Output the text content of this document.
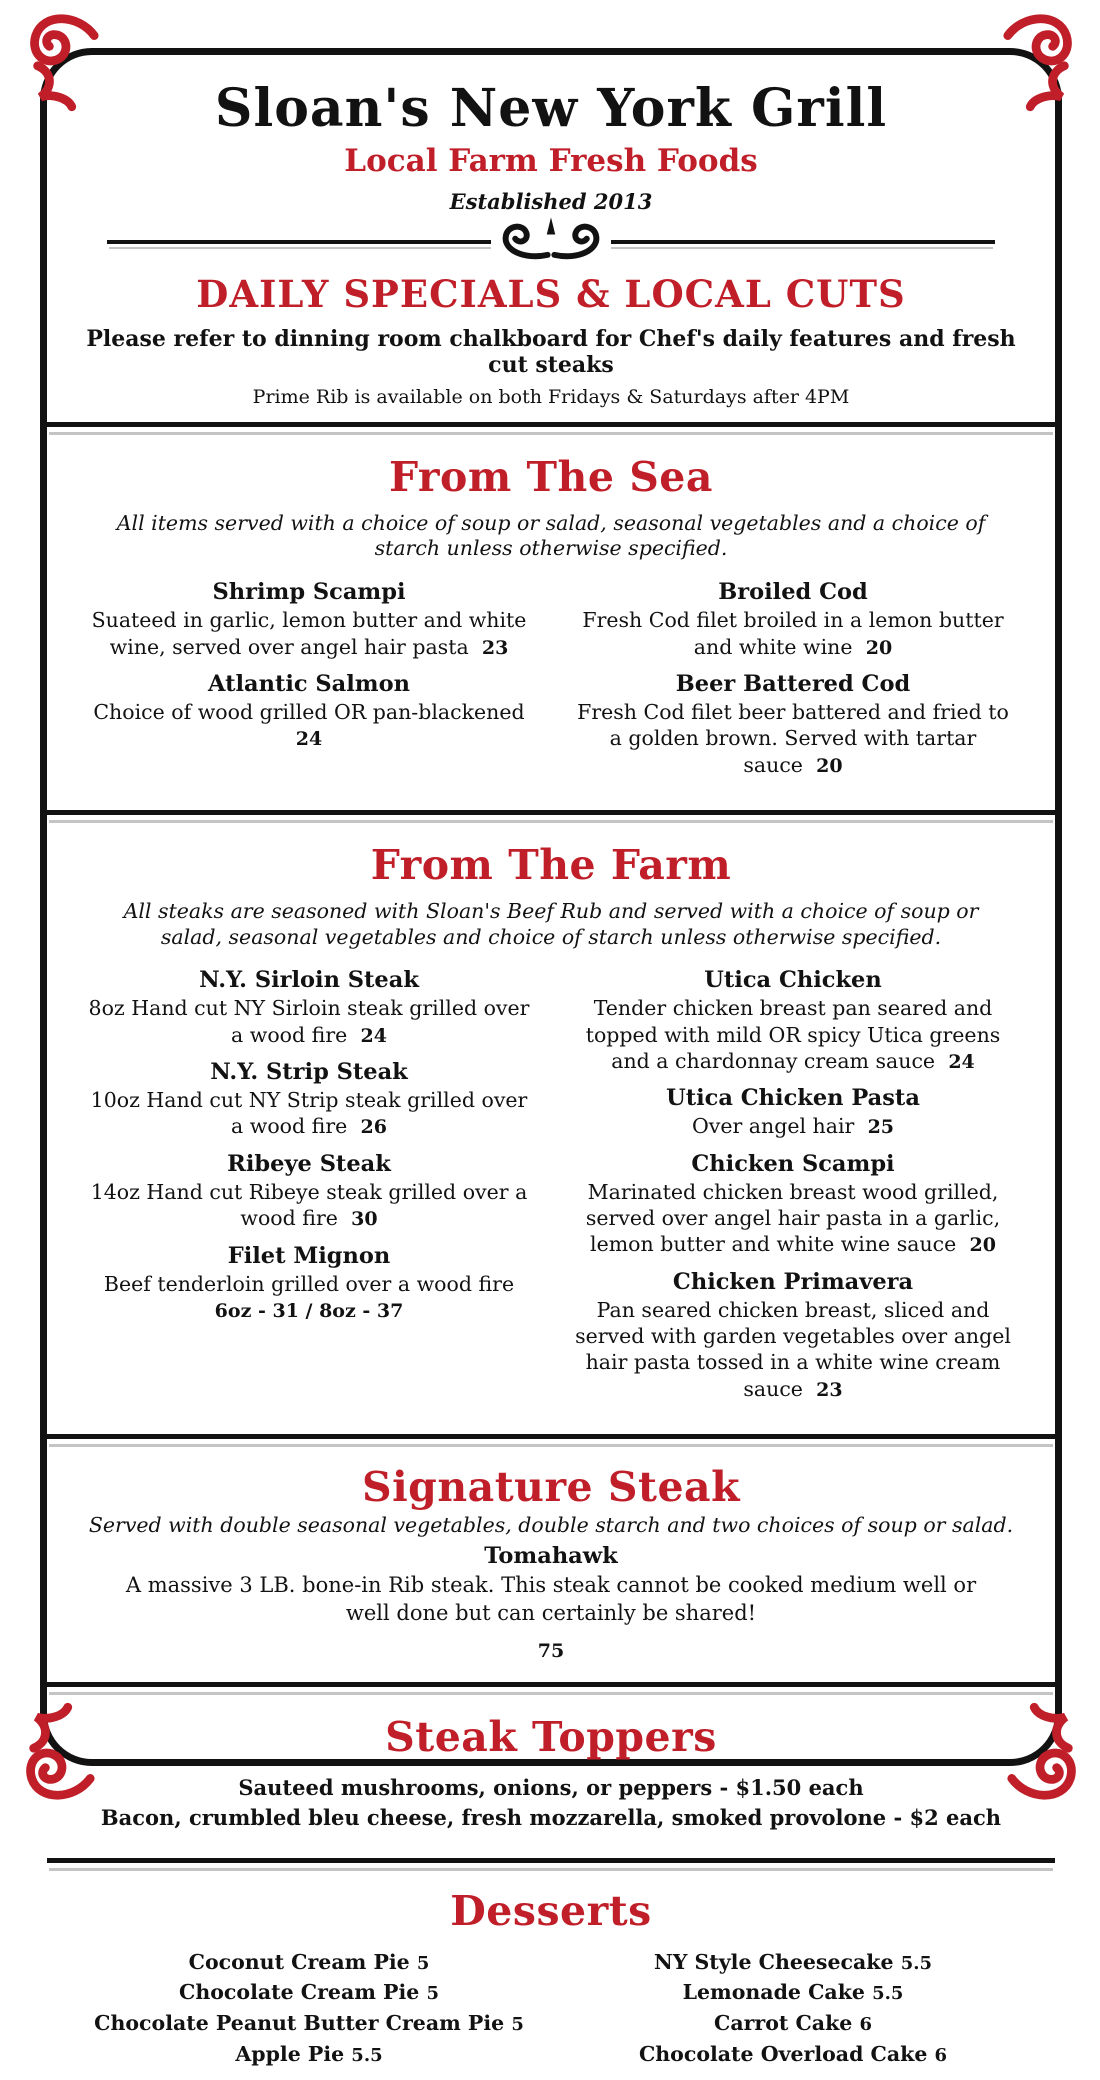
Sloan's New York Grill
Local Farm Fresh Foods
Established 2013
DAILY SPECIALS & LOCAL CUTS
Please refer to dinning room chalkboard for Chef's daily features and fresh cut steaks
Prime Rib is available on both Fridays & Saturdays after 4PM
From The Sea
All items served with a choice of soup or salad, seasonal vegetables and a choice of starch unless otherwise specified.
Shrimp Scampi
Suateed in garlic, lemon butter and white wine, served over angel hair pasta 23
Atlantic Salmon
Choice of wood grilled OR pan-blackened
24
Broiled Cod
Fresh Cod filet broiled in a lemon butter and white wine 20
Beer Battered Cod
Fresh Cod filet beer battered and fried to a golden brown. Served with tartar sauce 20
From The Farm
All steaks are seasoned with Sloan's Beef Rub and served with a choice of soup or salad, seasonal vegetables and choice of starch unless otherwise specified.
N.Y. Sirloin Steak
8oz Hand cut NY Sirloin steak grilled over a wood fire 24
N.Y. Strip Steak
10oz Hand cut NY Strip steak grilled over a wood fire 26
Ribeye Steak
14oz Hand cut Ribeye steak grilled over a wood fire 30
Filet Mignon
Beef tenderloin grilled over a wood fire
6oz - 31 / 8oz - 37
Utica Chicken
Tender chicken breast pan seared and topped with mild OR spicy Utica greens and a chardonnay cream sauce 24
Utica Chicken Pasta
Over angel hair 25
Chicken Scampi
Marinated chicken breast wood grilled, served over angel hair pasta in a garlic, lemon butter and white wine sauce 20
Chicken Primavera
Pan seared chicken breast, sliced and served with garden vegetables over angel hair pasta tossed in a white wine cream sauce 23
Signature Steak
Served with double seasonal vegetables, double starch and two choices of soup or salad.
Tomahawk
A massive 3 LB. bone-in Rib steak. This steak cannot be cooked medium well or well done but can certainly be shared!
75
Steak Toppers
Sauteed mushrooms, onions, or peppers - $1.50 each
Bacon, crumbled bleu cheese, fresh mozzarella, smoked provolone - $2 each
Desserts
Coconut Cream Pie 5
Chocolate Cream Pie 5
Chocolate Peanut Butter Cream Pie 5
Apple Pie 5.5
NY Style Cheesecake 5.5
Lemonade Cake 5.5
Carrot Cake 6
Chocolate Overload Cake 6
